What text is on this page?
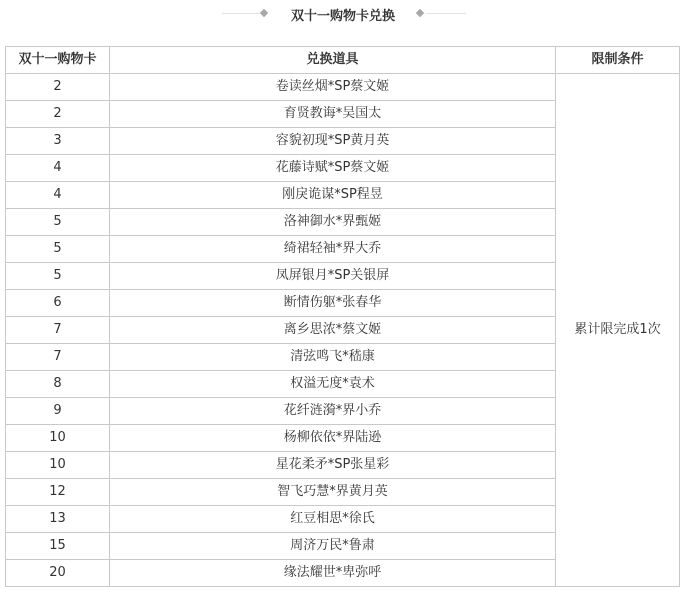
双十一购物卡兑换
双十一购物卡	兑换道具	限制条件
2	卷读丝烟*SP蔡文姬	累计限完成1次
2	育贤教诲*吴国太	
3	容貌初现*SP黄月英	
4	花藤诗赋*SP蔡文姬	
4	刚戾诡谋*SP程昱	
5	洛神御水*界甄姬	
5	绮裙轻袖*界大乔	
5	凤屏银月*SP关银屏	
6	断情伤躯*张春华	
7	离乡思浓*蔡文姬	
7	清弦鸣飞*嵇康	
8	权溢无度*袁术	
9	花纤涟漪*界小乔	
10	杨柳依依*界陆逊	
10	星花柔矛*SP张星彩	
12	智飞巧慧*界黄月英	
13	红豆相思*徐氏	
15	周济万民*鲁肃	
20	缘法耀世*卑弥呼	
